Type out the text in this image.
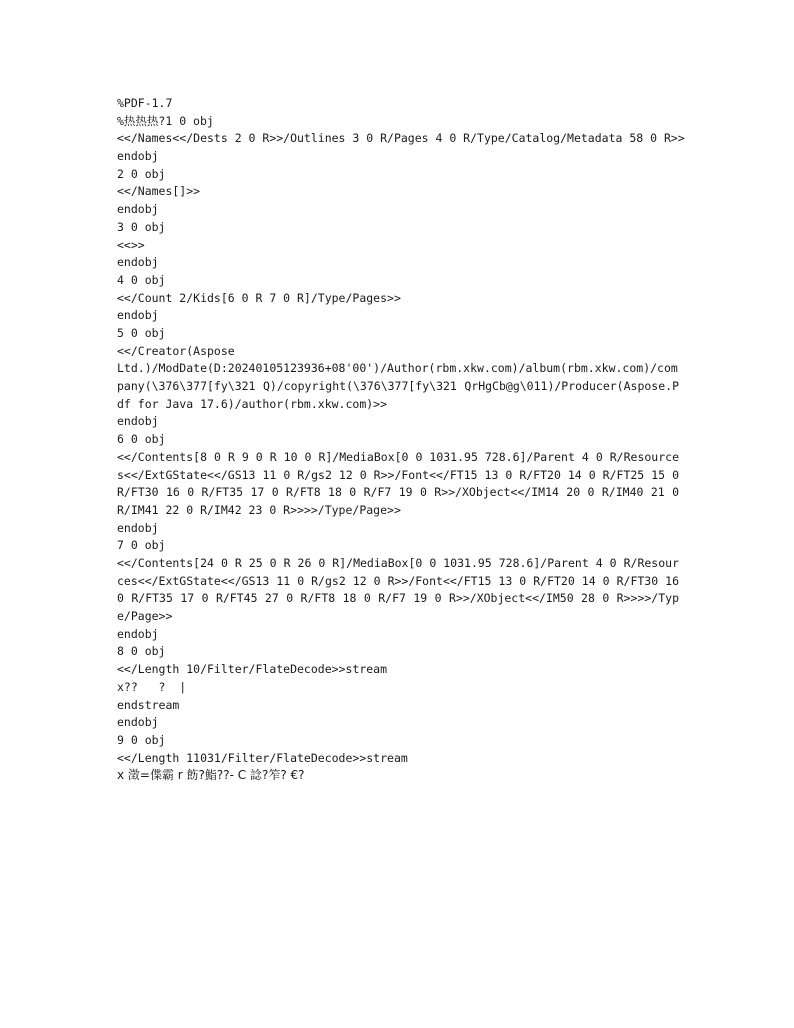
%PDF-1.7
%热热热?1 0 obj
<</Names<</Dests 2 0 R>>/Outlines 3 0 R/Pages 4 0 R/Type/Catalog/Metadata 58 0 R>>
endobj
2 0 obj
<</Names[]>>
endobj
3 0 obj
<<>>
endobj
4 0 obj
<</Count 2/Kids[6 0 R 7 0 R]/Type/Pages>>
endobj
5 0 obj
<</Creator(Aspose
Ltd.)/ModDate(D:20240105123936+08'00')/Author(rbm.xkw.com)/album(rbm.xkw.com)/company(\376\377[fy\321 Q)/copyright(\376\377[fy\321 QrHgCb@g\011)/Producer(Aspose.Pdf for Java 17.6)/author(rbm.xkw.com)>>
endobj
6 0 obj
<</Contents[8 0 R 9 0 R 10 0 R]/MediaBox[0 0 1031.95 728.6]/Parent 4 0 R/Resources<</ExtGState<</GS13 11 0 R/gs2 12 0 R>>/Font<</FT15 13 0 R/FT20 14 0 R/FT25 15 0 R/FT30 16 0 R/FT35 17 0 R/FT8 18 0 R/F7 19 0 R>>/XObject<</IM14 20 0 R/IM40 21 0 R/IM41 22 0 R/IM42 23 0 R>>>>/Type/Page>>
endobj
7 0 obj
<</Contents[24 0 R 25 0 R 26 0 R]/MediaBox[0 0 1031.95 728.6]/Parent 4 0 R/Resources<</ExtGState<</GS13 11 0 R/gs2 12 0 R>>/Font<</FT15 13 0 R/FT20 14 0 R/FT30 16 0 R/FT35 17 0 R/FT45 27 0 R/FT8 18 0 R/F7 19 0 R>>/XObject<</IM50 28 0 R>>>>/Type/Page>>
endobj
8 0 obj
<</Length 10/Filter/FlateDecode>>stream
x??   ?  |
endstream
endobj
9 0 obj
<</Length 11031/Filter/FlateDecode>>stream
x 澂=偞霸 r 飭?鮨??- C 諗?笮? €?
